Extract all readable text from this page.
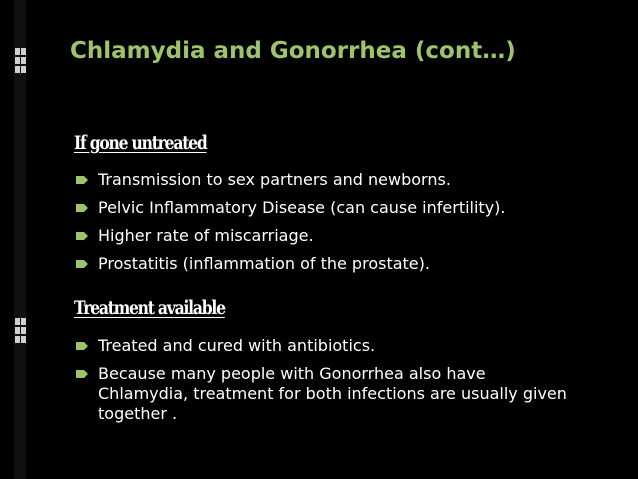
Chlamydia and Gonorrhea (cont…)
If gone untreated
Transmission to sex partners and newborns.
Pelvic Inflammatory Disease (can cause infertility).
Higher rate of miscarriage.
Prostatitis (inflammation of the prostate).
Treatment available
Treated and cured with antibiotics.
Because many people with Gonorrhea also have Chlamydia, treatment for both infections are usually given together .
